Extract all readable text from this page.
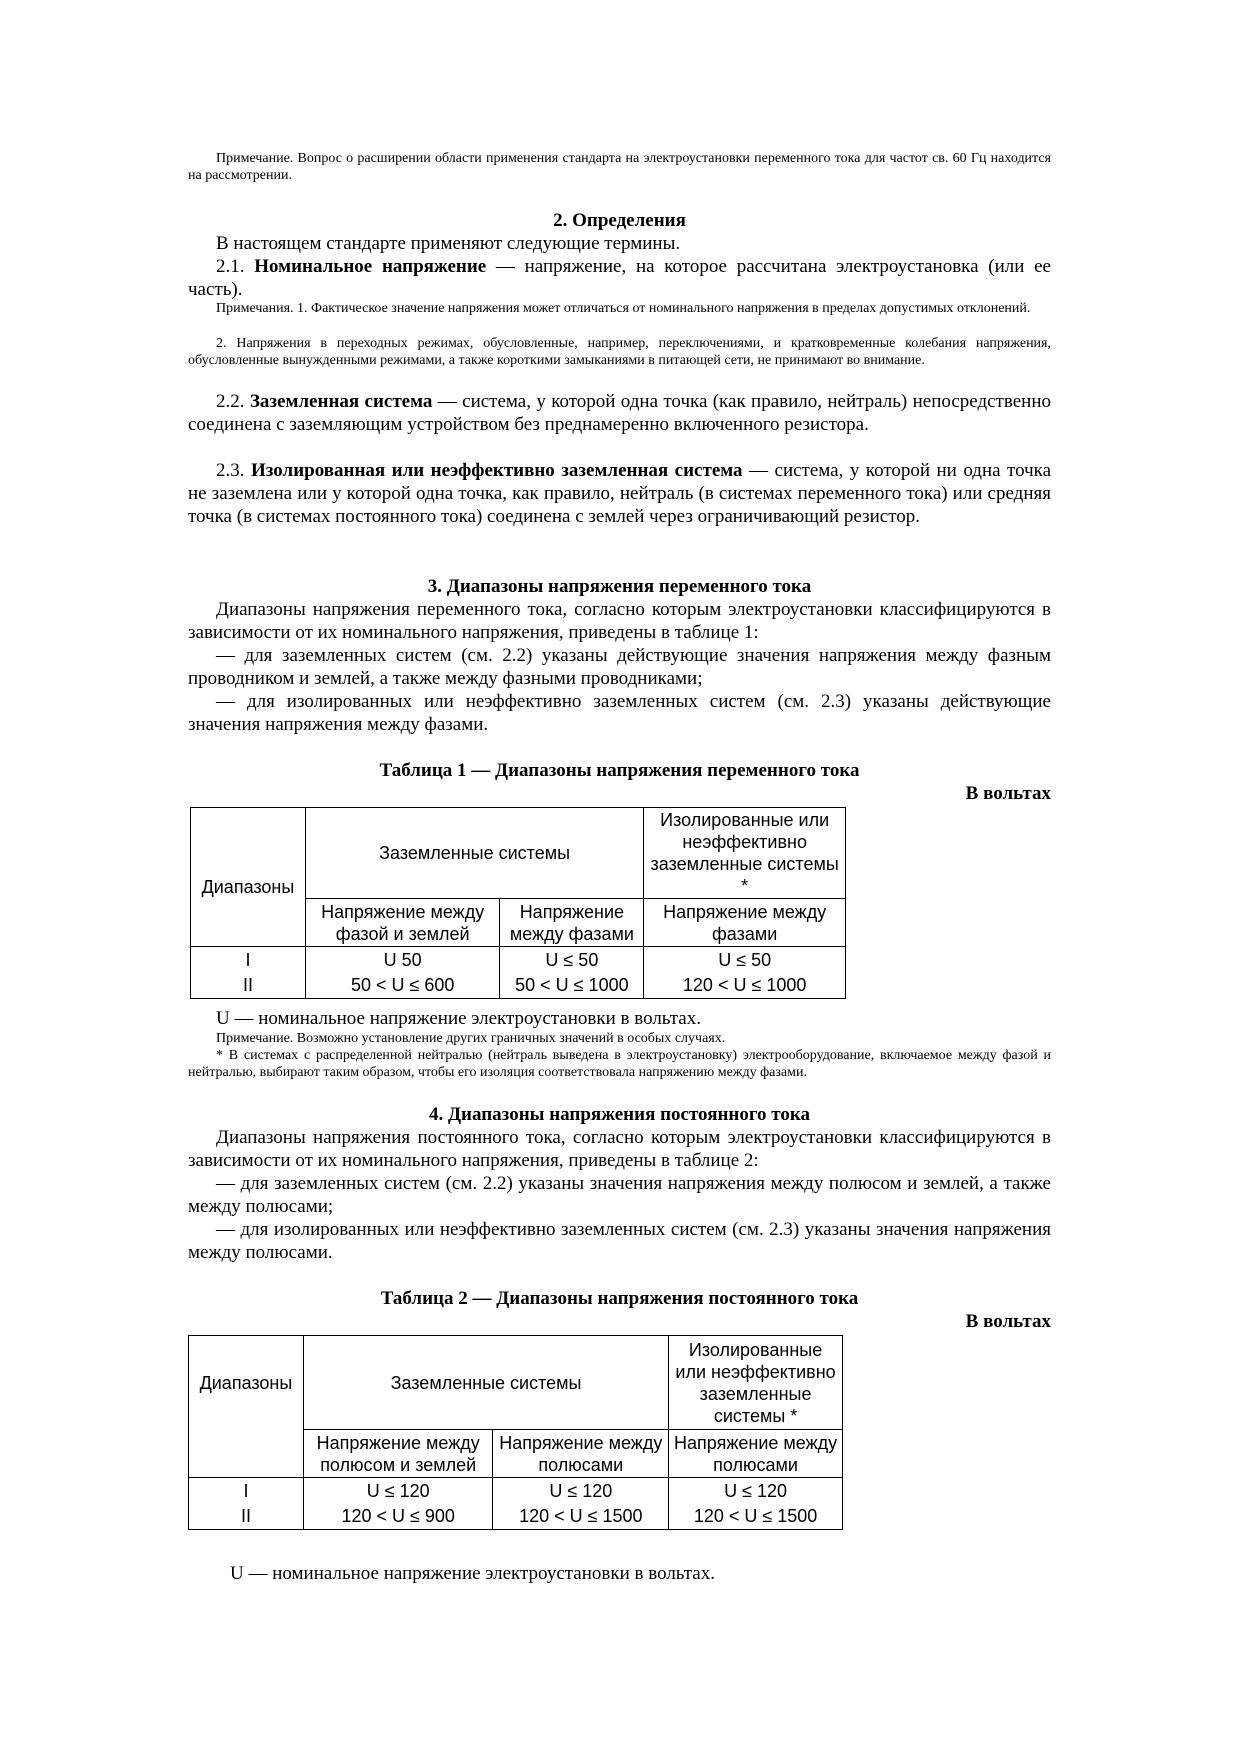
Примечание. Вопрос о расширении области применения стандарта на электроустановки переменного тока для частот св. 60 Гц находится на рассмотрении.
2. Определения
В настоящем стандарте применяют следующие термины.
2.1. Номинальное напряжение — напряжение, на которое рассчитана электроустановка (или ее часть).
Примечания. 1. Фактическое значение напряжения может отличаться от номинального напряжения в пределах допустимых отклонений.
2. Напряжения в переходных режимах, обусловленные, например, переключениями, и кратковременные колебания напряжения, обусловленные вынужденными режимами, а также короткими замыканиями в питающей сети, не принимают во внимание.
2.2. Заземленная система — система, у которой одна точка (как правило, нейтраль) непосредственно соединена с заземляющим устройством без преднамеренно включенного резистора.
2.3. Изолированная или неэффективно заземленная система — система, у которой ни одна точка не заземлена или у которой одна точка, как правило, нейтраль (в системах переменного тока) или средняя точка (в системах постоянного тока) соединена с землей через ограничивающий резистор.
3. Диапазоны напряжения переменного тока
Диапазоны напряжения переменного тока, согласно которым электроустановки классифицируются в зависимости от их номинального напряжения, приведены в таблице 1:
— для заземленных систем (см. 2.2) указаны действующие значения напряжения между фазным проводником и землей, а также между фазными проводниками;
— для изолированных или неэффективно заземленных систем (см. 2.3) указаны действующие значения напряжения между фазами.
Таблица 1 — Диапазоны напряжения переменного тока
В вольтах
Диапазоны	Заземленные системы		Изолированные или неэффективно заземленные системы *
	Напряжение между фазой и землей	Напряжение между фазами	Напряжение между фазами
I	U 50	U ≤ 50	U ≤ 50
II	50 < U ≤ 600	50 < U ≤ 1000	120 < U ≤ 1000
U — номинальное напряжение электроустановки в вольтах.
Примечание. Возможно установление других граничных значений в особых случаях.
* В системах с распределенной нейтралью (нейтраль выведена в электроустановку) электрооборудование, включаемое между фазой и нейтралью, выбирают таким образом, чтобы его изоляция соответствовала напряжению между фазами.
4. Диапазоны напряжения постоянного тока
Диапазоны напряжения постоянного тока, согласно которым электроустановки классифицируются в зависимости от их номинального напряжения, приведены в таблице 2:
— для заземленных систем (см. 2.2) указаны значения напряжения между полюсом и землей, а также между полюсами;
— для изолированных или неэффективно заземленных систем (см. 2.3) указаны значения напряжения между полюсами.
Таблица 2 — Диапазоны напряжения постоянного тока
В вольтах
Диапазоны	Заземленные системы		Изолированные или неэффективно заземленные системы *
	Напряжение между полюсом и землей	Напряжение между полюсами	Напряжение между полюсами
I	U ≤ 120	U ≤ 120	U ≤ 120
II	120 < U ≤ 900	120 < U ≤ 1500	120 < U ≤ 1500
U — номинальное напряжение электроустановки в вольтах.
